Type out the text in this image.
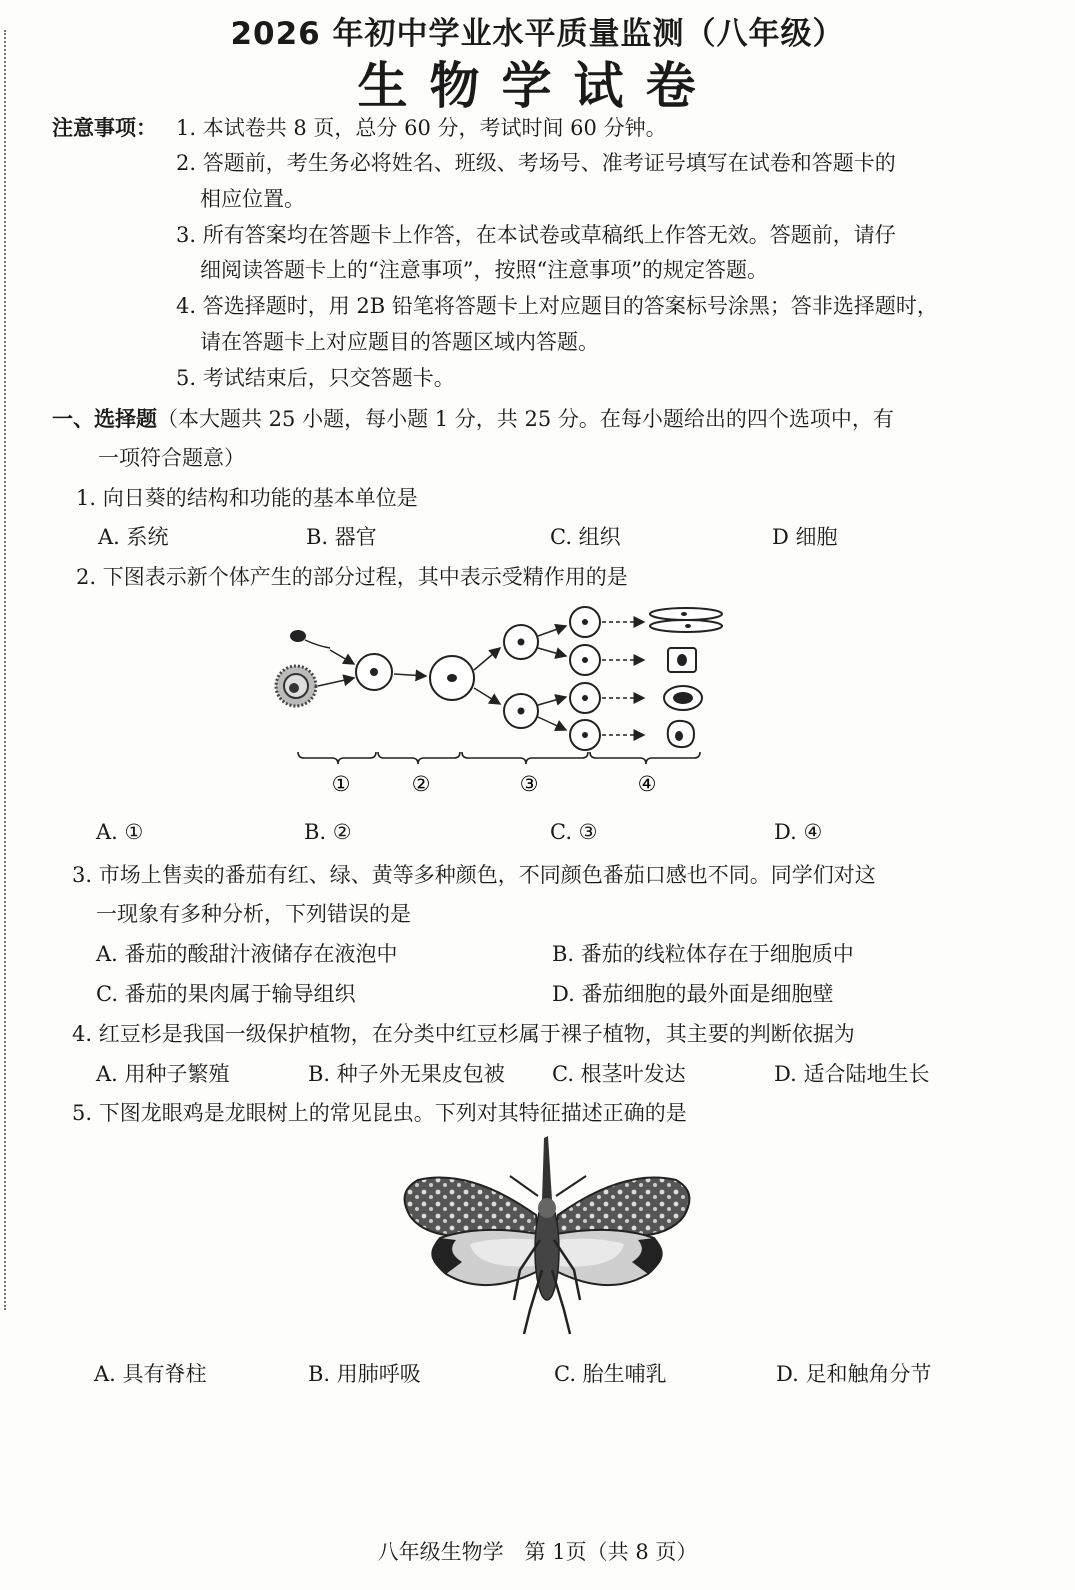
2026 年初中学业水平质量监测（八年级）
生物学试卷
注意事项： 1. 本试卷共 8 页，总分 60 分，考试时间 60 分钟。
2. 答题前，考生务必将姓名、班级、考场号、准考证号填写在试卷和答题卡的
相应位置。
3. 所有答案均在答题卡上作答，在本试卷或草稿纸上作答无效。答题前，请仔
细阅读答题卡上的“注意事项”，按照“注意事项”的规定答题。
4. 答选择题时，用 2B 铅笔将答题卡上对应题目的答案标号涂黑；答非选择题时，
请在答题卡上对应题目的答题区域内答题。
5. 考试结束后，只交答题卡。
一、选择题（本大题共 25 小题，每小题 1 分，共 25 分。在每小题给出的四个选项中，有
一项符合题意）
1. 向日葵的结构和功能的基本单位是
A. 系统	B. 器官	C. 组织	D 细胞
2. 下图表示新个体产生的部分过程，其中表示受精作用的是
①	②	③	④
A. ①	B. ②	C. ③	D. ④
3. 市场上售卖的番茄有红、绿、黄等多种颜色，不同颜色番茄口感也不同。同学们对这
一现象有多种分析，下列错误的是
A. 番茄的酸甜汁液储存在液泡中	B. 番茄的线粒体存在于细胞质中
C. 番茄的果肉属于输导组织	D. 番茄细胞的最外面是细胞壁
4. 红豆杉是我国一级保护植物，在分类中红豆杉属于裸子植物，其主要的判断依据为
A. 用种子繁殖	B. 种子外无果皮包被 C. 根茎叶发达	D. 适合陆地生长
5. 下图龙眼鸡是龙眼树上的常见昆虫。下列对其特征描述正确的是
A. 具有脊柱	B. 用肺呼吸	C. 胎生哺乳	D. 足和触角分节
八年级生物学　第 1页（共 8 页）
